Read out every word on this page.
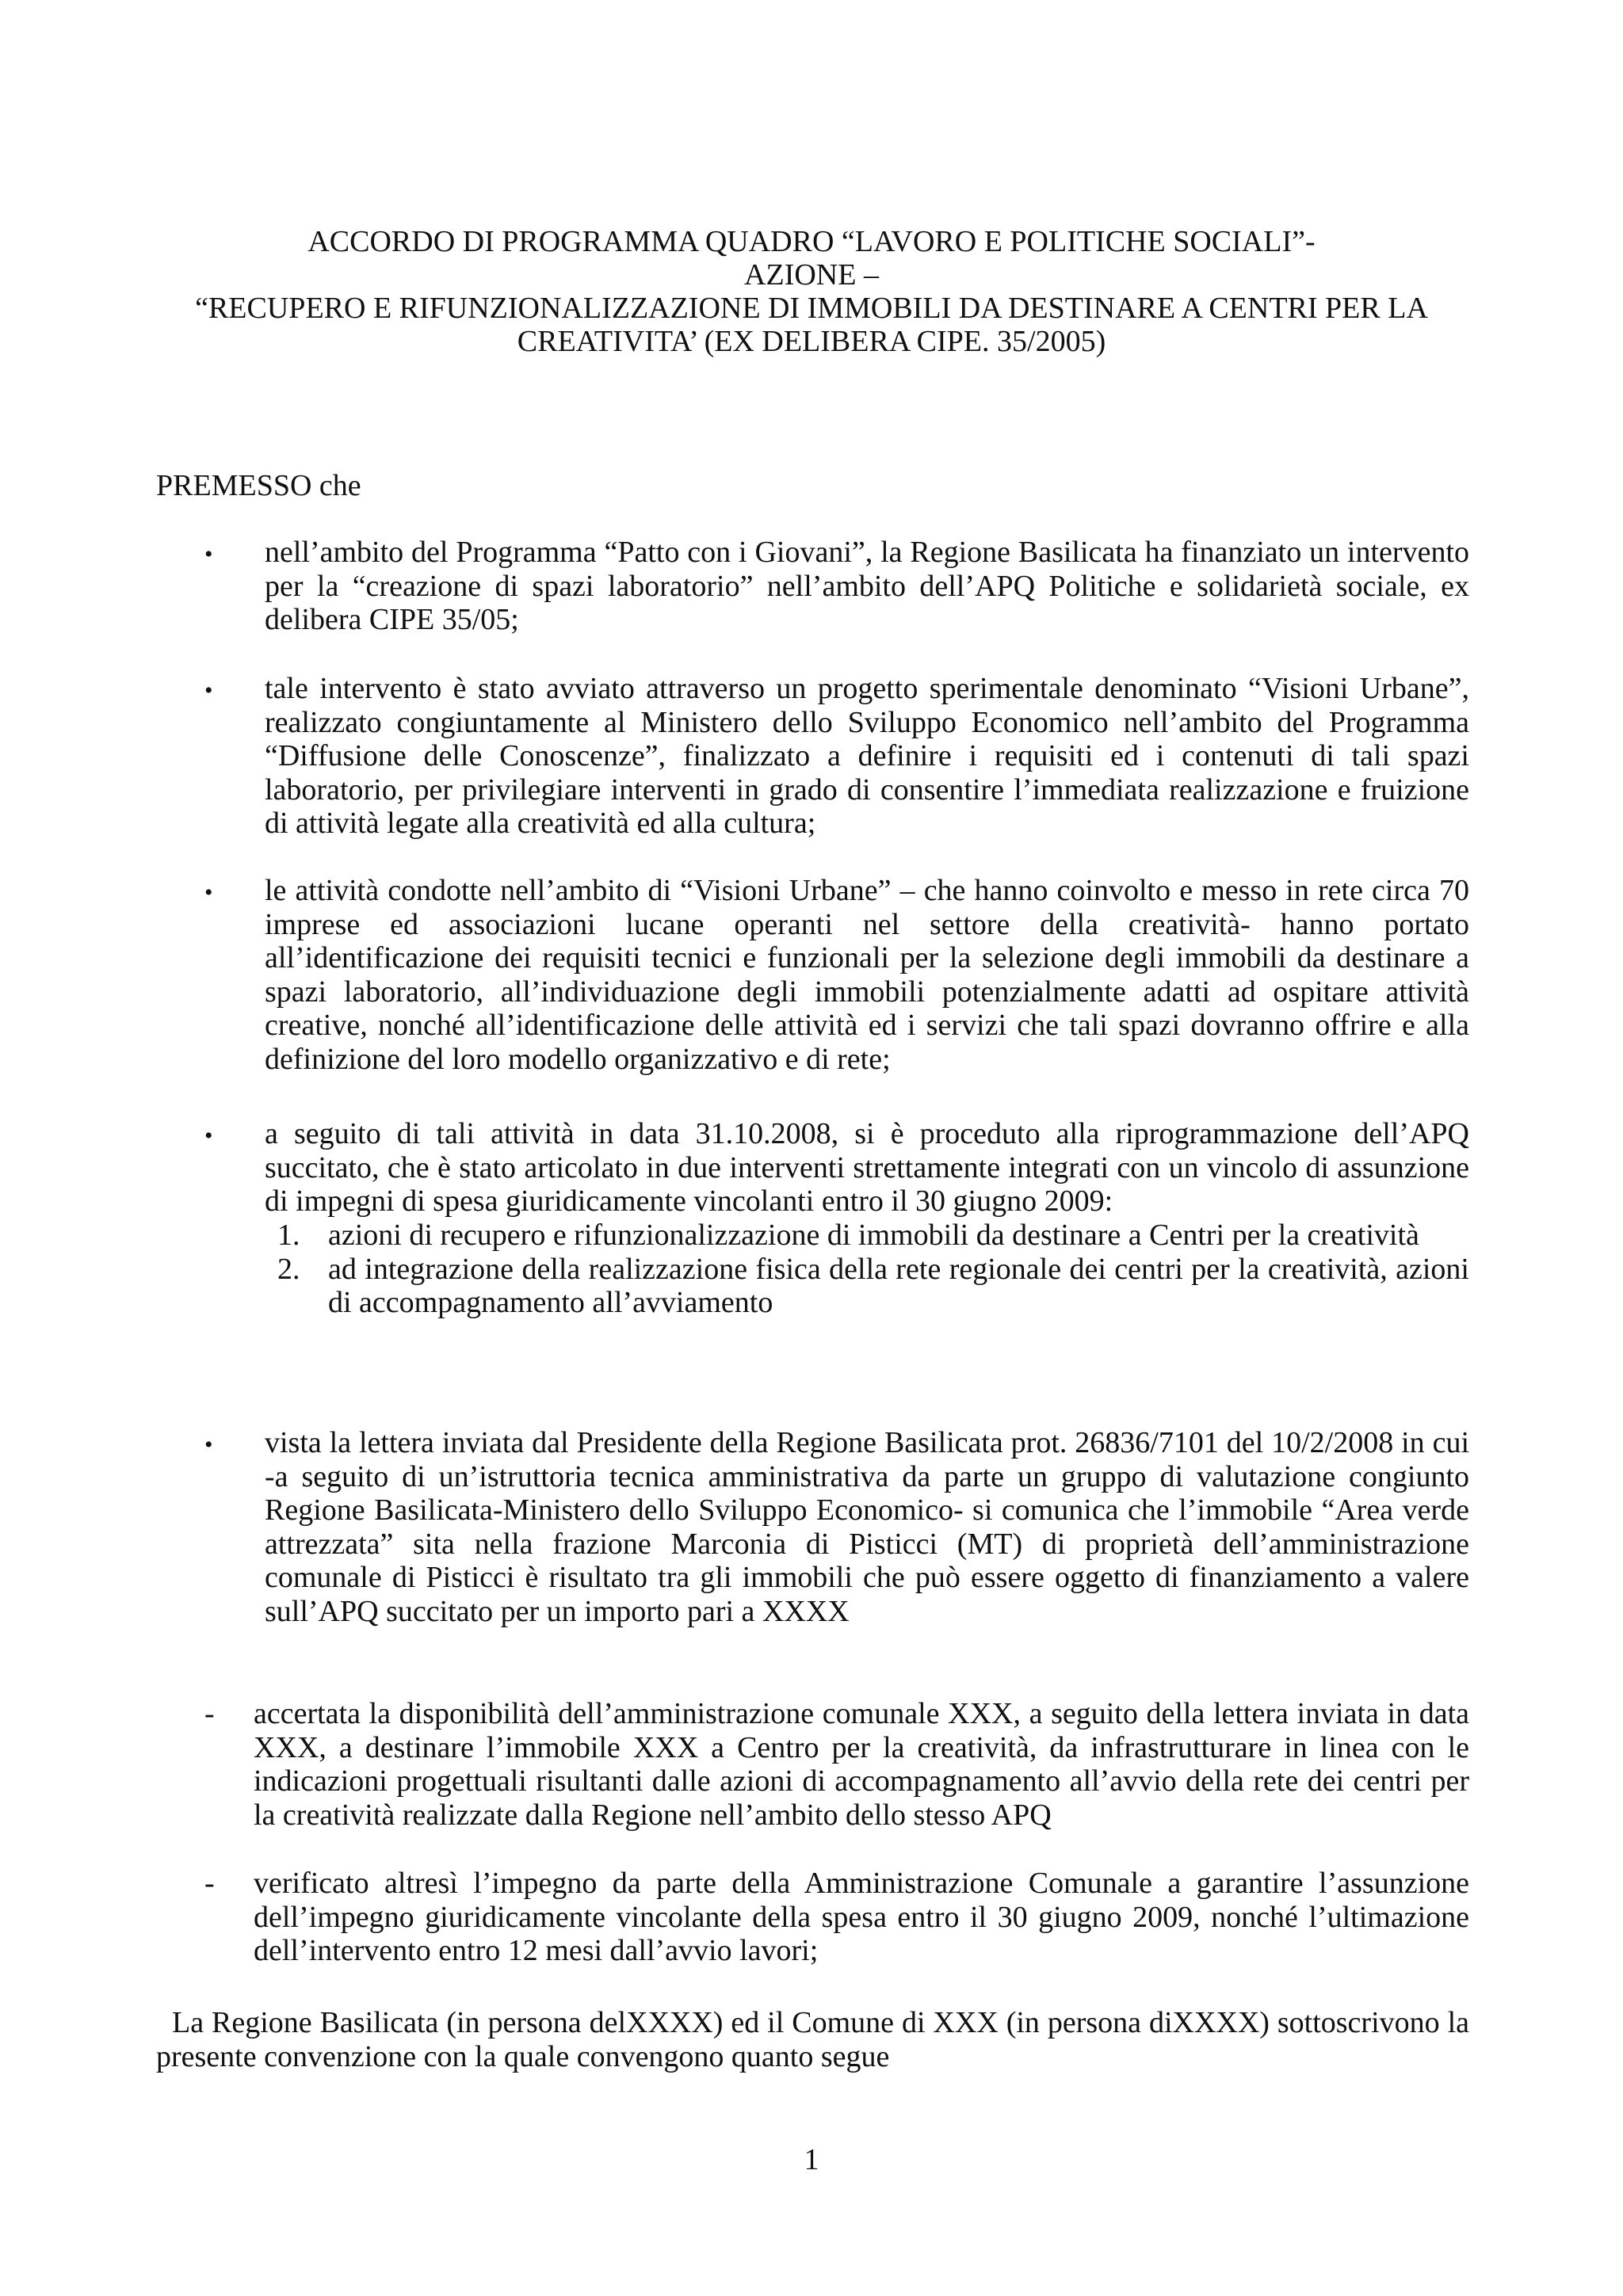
ACCORDO DI PROGRAMMA QUADRO “LAVORO E POLITICHE SOCIALI”-
AZIONE –
“RECUPERO E RIFUNZIONALIZZAZIONE DI IMMOBILI DA DESTINARE A CENTRI PER LA
CREATIVITA’ (EX DELIBERA CIPE. 35/2005)
PREMESSO che
• nell’ambito del Programma “Patto con i Giovani”, la Regione Basilicata ha finanziato un intervento per la “creazione di spazi laboratorio” nell’ambito dell’APQ Politiche e solidarietà sociale, ex delibera CIPE 35/05;
• tale intervento è stato avviato attraverso un progetto sperimentale denominato “Visioni Urbane”, realizzato congiuntamente al Ministero dello Sviluppo Economico nell’ambito del Programma “Diffusione delle Conoscenze”, finalizzato a definire i requisiti ed i contenuti di tali spazi laboratorio, per privilegiare interventi in grado di consentire l’immediata realizzazione e fruizione di attività legate alla creatività ed alla cultura;
• le attività condotte nell’ambito di “Visioni Urbane” – che hanno coinvolto e messo in rete circa 70 imprese ed associazioni lucane operanti nel settore della creatività- hanno portato all’identificazione dei requisiti tecnici e funzionali per la selezione degli immobili da destinare a spazi laboratorio, all’individuazione degli immobili potenzialmente adatti ad ospitare attività creative, nonché all’identificazione delle attività ed i servizi che tali spazi dovranno offrire e alla definizione del loro modello organizzativo e di rete;
• a seguito di tali attività in data 31.10.2008, si è proceduto alla riprogrammazione dell’APQ succitato, che è stato articolato in due interventi strettamente integrati con un vincolo di assunzione di impegni di spesa giuridicamente vincolanti entro il 30 giugno 2009:
1. azioni di recupero e rifunzionalizzazione di immobili da destinare a Centri per la creatività
2. ad integrazione della realizzazione fisica della rete regionale dei centri per la creatività, azioni di accompagnamento all’avviamento
• vista la lettera inviata dal Presidente della Regione Basilicata prot. 26836/7101 del 10/2/2008 in cui -a seguito di un’istruttoria tecnica amministrativa da parte un gruppo di valutazione congiunto Regione Basilicata-Ministero dello Sviluppo Economico- si comunica che l’immobile “Area verde attrezzata” sita nella frazione Marconia di Pisticci (MT) di proprietà dell’amministrazione comunale di Pisticci è risultato tra gli immobili che può essere oggetto di finanziamento a valere sull’APQ succitato per un importo pari a XXXX
- accertata la disponibilità dell’amministrazione comunale XXX, a seguito della lettera inviata in data XXX, a destinare l’immobile XXX a Centro per la creatività, da infrastrutturare in linea con le indicazioni progettuali risultanti dalle azioni di accompagnamento all’avvio della rete dei centri per la creatività realizzate dalla Regione nell’ambito dello stesso APQ
- verificato altresì l’impegno da parte della Amministrazione Comunale a garantire l’assunzione dell’impegno giuridicamente vincolante della spesa entro il 30 giugno 2009, nonché l’ultimazione dell’intervento entro 12 mesi dall’avvio lavori;
La Regione Basilicata (in persona delXXXX) ed il Comune di XXX (in persona diXXXX) sottoscrivono la presente convenzione con la quale convengono quanto segue
1
